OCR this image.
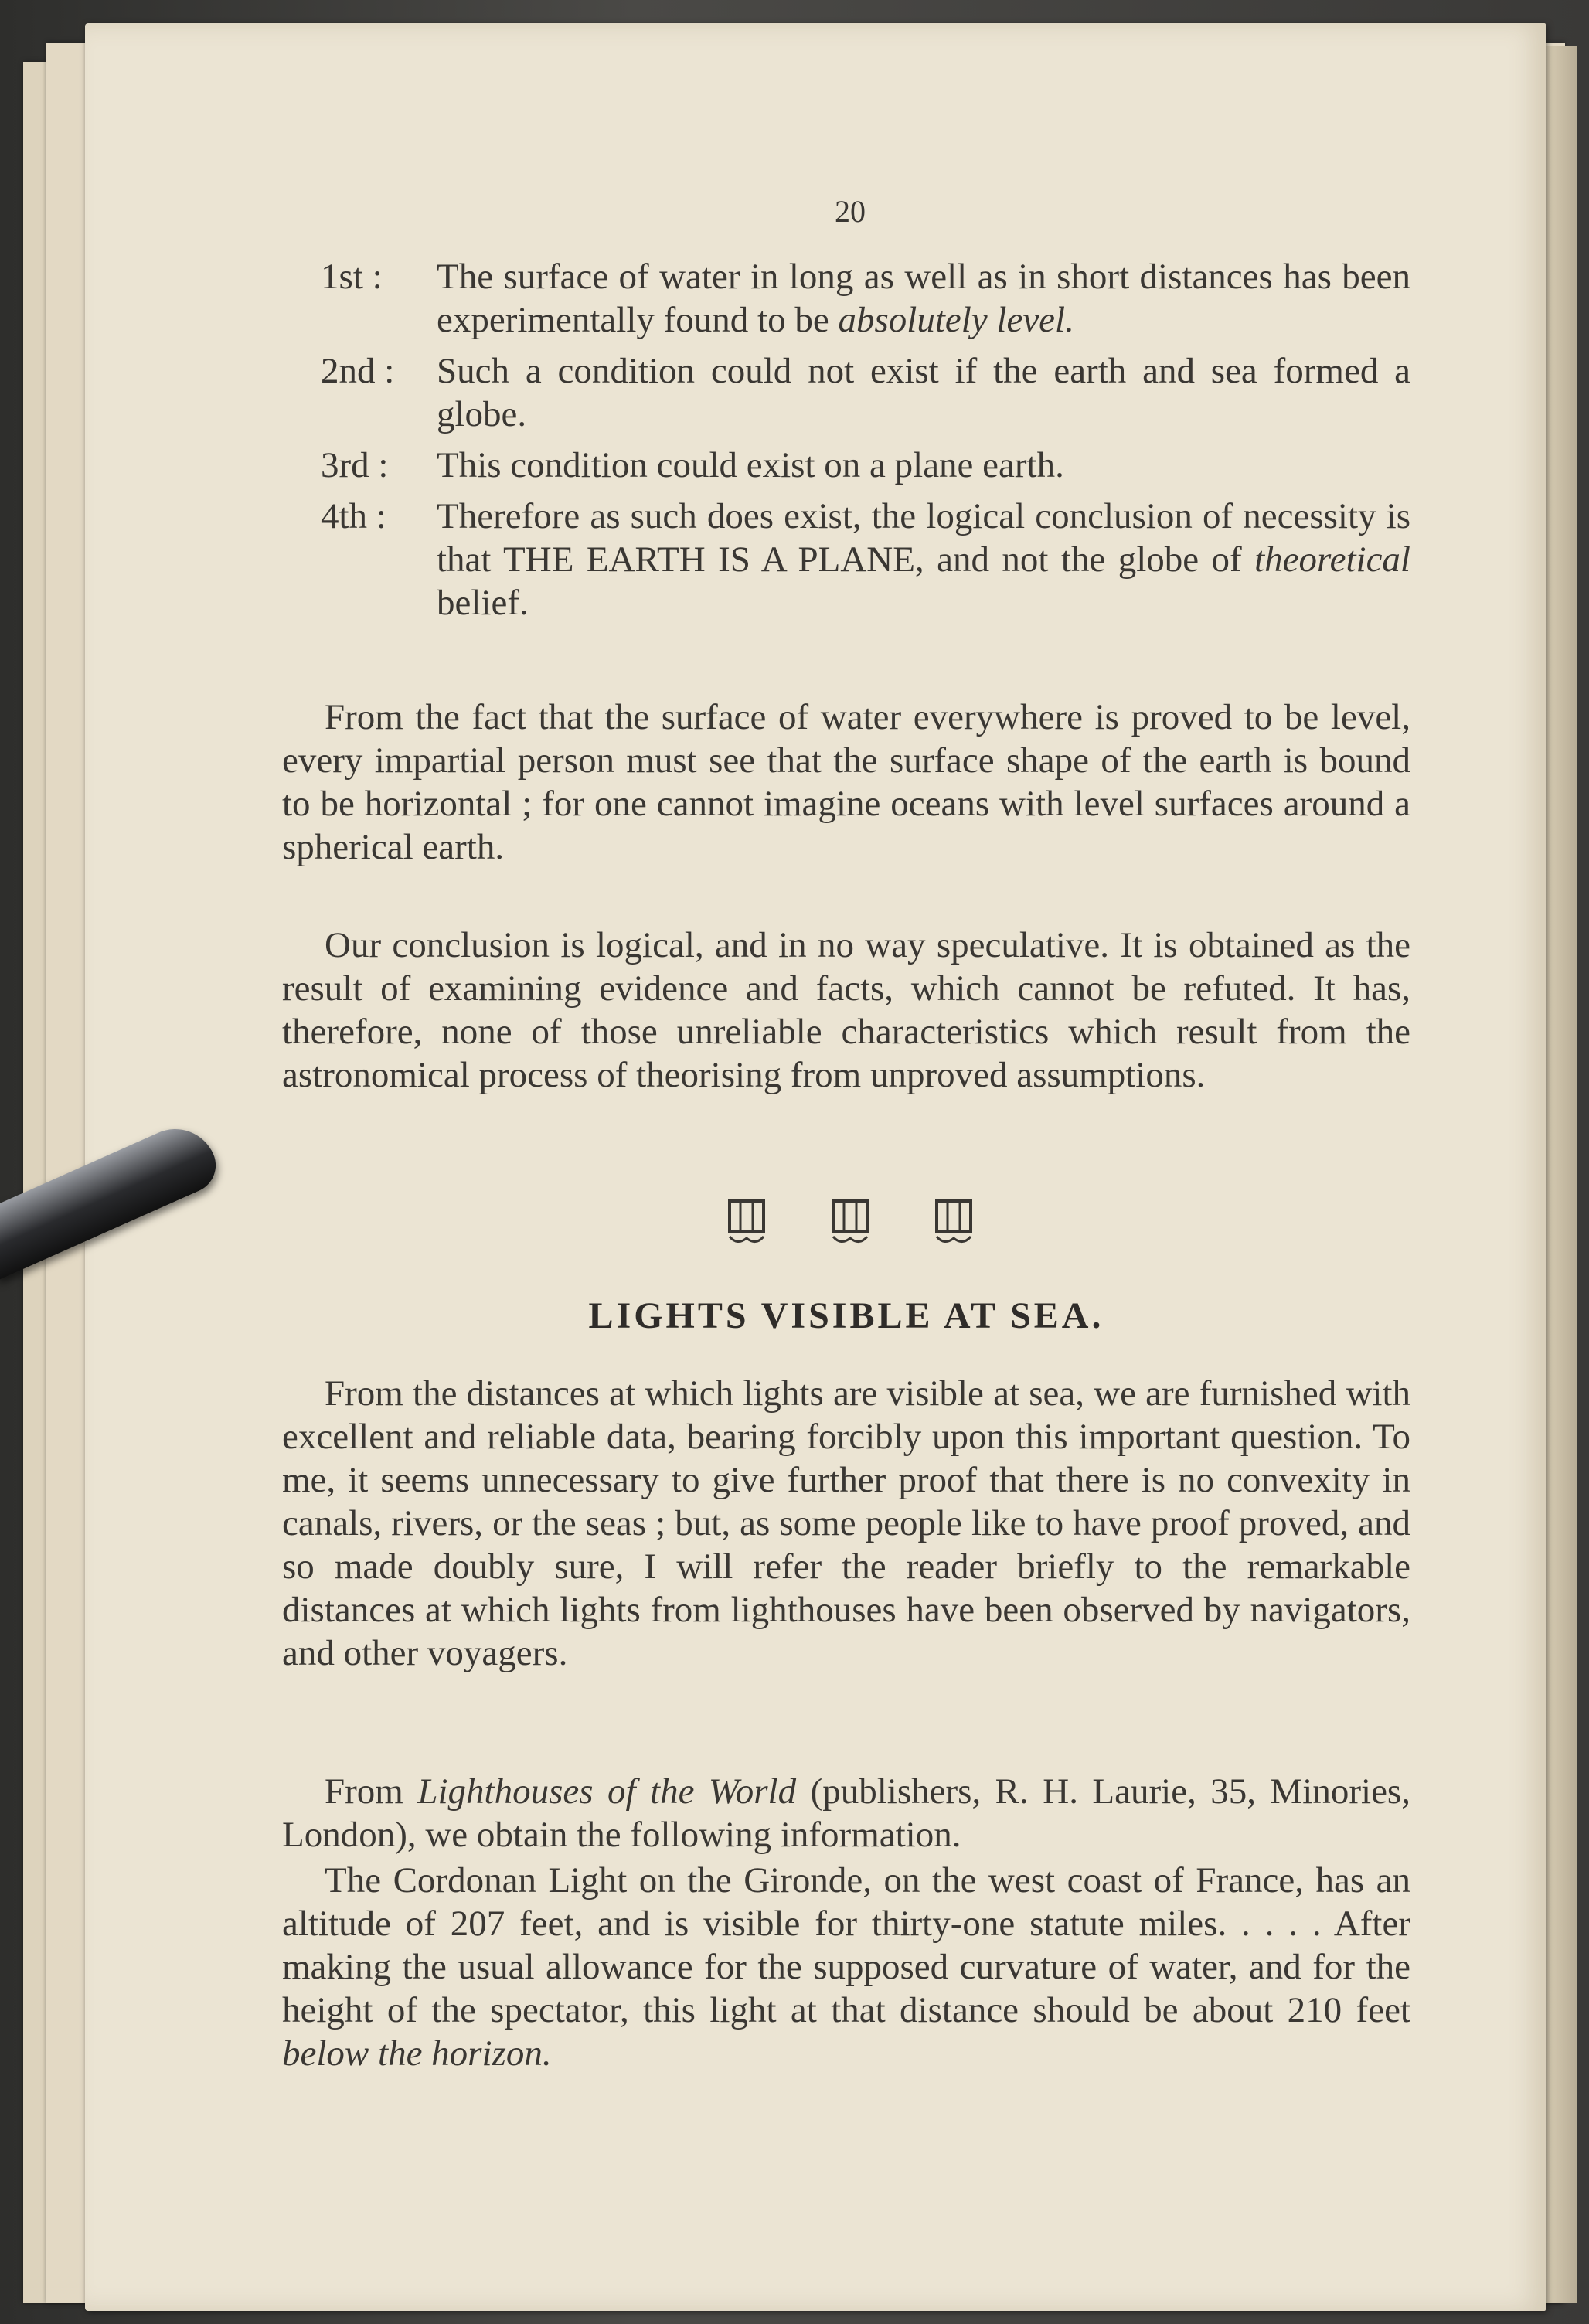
20
1st :	The surface of water in long as well as in short distances has been experimentally found to be absolutely level.
2nd :	Such a condition could not exist if the earth and sea formed a globe.
3rd :	This condition could exist on a plane earth.
4th :	Therefore as such does exist, the logical conclusion of necessity is that THE EARTH IS A PLANE, and not the globe of theoretical belief.
From the fact that the surface of water everywhere is proved to be level, every impartial person must see that the surface shape of the earth is bound to be horizontal ; for one cannot imagine oceans with level surfaces around a spherical earth.
Our conclusion is logical, and in no way speculative. It is obtained as the result of examining evidence and facts, which cannot be refuted. It has, therefore, none of those unreliable characteristics which result from the astronomical process of theorising from unproved assumptions.
LIGHTS VISIBLE AT SEA.
From the distances at which lights are visible at sea, we are furnished with excellent and reliable data, bearing forcibly upon this important question. To me, it seems unnecessary to give further proof that there is no convexity in canals, rivers, or the seas ; but, as some people like to have proof proved, and so made doubly sure, I will refer the reader briefly to the remarkable distances at which lights from lighthouses have been observed by navigators, and other voyagers.
From Lighthouses of the World (publishers, R. H. Laurie, 35, Minories, London), we obtain the following information.
The Cordonan Light on the Gironde, on the west coast of France, has an altitude of 207 feet, and is visible for thirty-one statute miles. . . . . After making the usual allowance for the supposed curvature of water, and for the height of the spectator, this light at that distance should be about 210 feet below the horizon.
